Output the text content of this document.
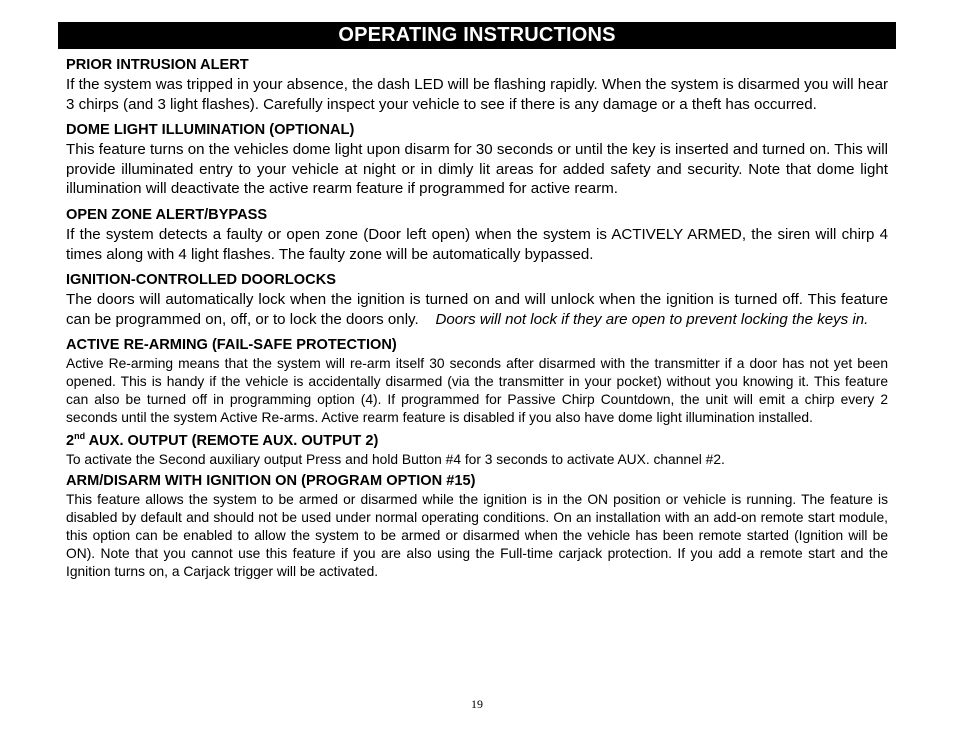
OPERATING INSTRUCTIONS
PRIOR INTRUSION ALERT

If the system was tripped in your absence, the dash LED will be flashing rapidly. When the system is disarmed you will hear 3 chirps (and 3 light flashes). Carefully inspect your vehicle to see if there is any damage or a theft has occurred.

DOME LIGHT ILLUMINATION (OPTIONAL)

This feature turns on the vehicles dome light upon disarm for 30 seconds or until the key is inserted and turned on. This will provide illuminated entry to your vehicle at night or in dimly lit areas for added safety and security. Note that dome light illumination will deactivate the active rearm feature if programmed for active rearm.

OPEN ZONE ALERT/BYPASS

If the system detects a faulty or open zone (Door left open) when the system is ACTIVELY ARMED, the siren will chirp 4 times along with 4 light flashes. The faulty zone will be automatically bypassed.

IGNITION-CONTROLLED DOORLOCKS

The doors will automatically lock when the ignition is turned on and will unlock when the ignition is turned off. This feature can be programmed on, off, or to lock the doors only. Doors will not lock if they are open to prevent locking the keys in.

ACTIVE RE-ARMING (FAIL-SAFE PROTECTION)

Active Re-arming means that the system will re-arm itself 30 seconds after disarmed with the transmitter if a door has not yet been opened. This is handy if the vehicle is accidentally disarmed (via the transmitter in your pocket) without you knowing it. This feature can also be turned off in programming option (4). If programmed for Passive Chirp Countdown, the unit will emit a chirp every 2 seconds until the system Active Re-arms. Active rearm feature is disabled if you also have dome light illumination installed.

2nd AUX. OUTPUT (REMOTE AUX. OUTPUT 2)

To activate the Second auxiliary output Press and hold Button #4 for 3 seconds to activate AUX. channel #2.

ARM/DISARM WITH IGNITION ON (PROGRAM OPTION #15)

This feature allows the system to be armed or disarmed while the ignition is in the ON position or vehicle is running. The feature is disabled by default and should not be used under normal operating conditions. On an installation with an add-on remote start module, this option can be enabled to allow the system to be armed or disarmed when the vehicle has been remote started (Ignition will be ON). Note that you cannot use this feature if you are also using the Full-time carjack protection. If you add a remote start and the Ignition turns on, a Carjack trigger will be activated.

19
